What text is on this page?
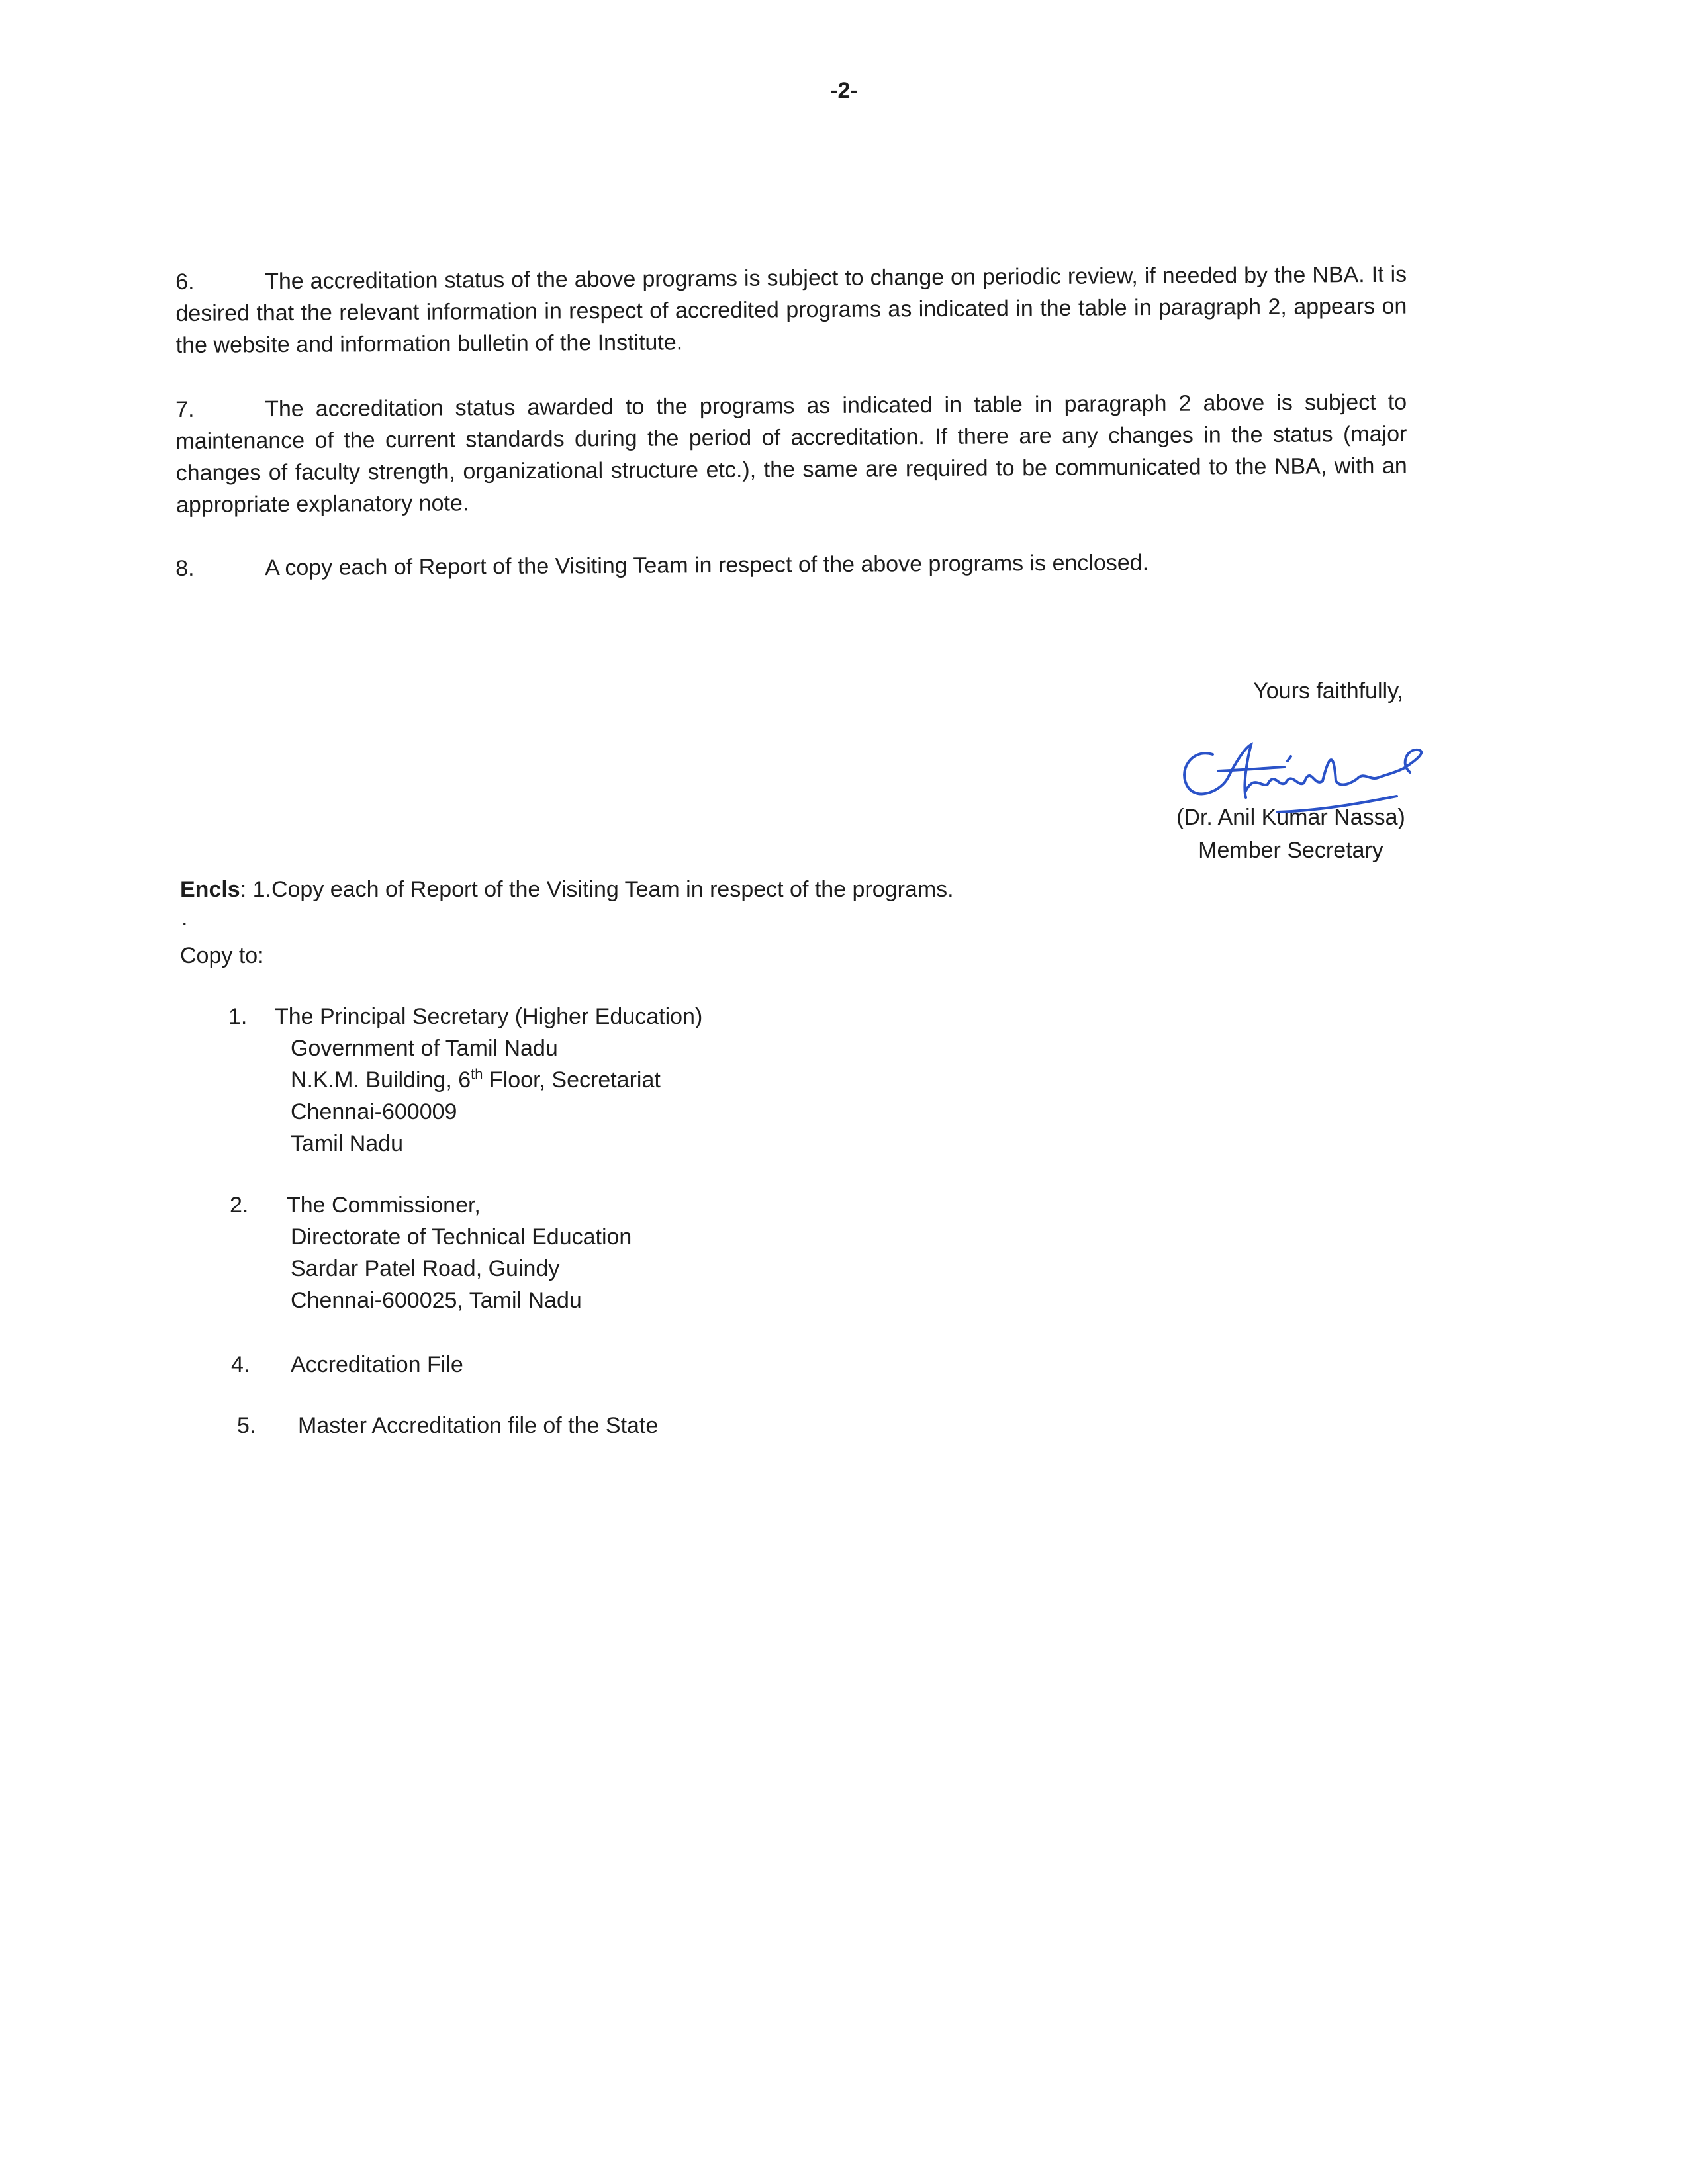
-2-
6.	The accreditation status of the above programs is subject to change on periodic review, if needed by the NBA. It is desired that the relevant information in respect of accredited programs as indicated in the table in paragraph 2, appears on the website and information bulletin of the Institute.
7.	The accreditation status awarded to the programs as indicated in table in paragraph 2 above is subject to maintenance of the current standards during the period of accreditation. If there are any changes in the status (major changes of faculty strength, organizational structure etc.), the same are required to be communicated to the NBA, with an appropriate explanatory note.
8.	A copy each of Report of the Visiting Team in respect of the above programs is enclosed.
Yours faithfully,
(Dr. Anil Kumar Nassa)
Member Secretary
Encls: 1.Copy each of Report of the Visiting Team in respect of the programs.
.
Copy to:
1. The Principal Secretary (Higher Education)
Government of Tamil Nadu
N.K.M. Building, 6th Floor, Secretariat
Chennai-600009
Tamil Nadu
2. The Commissioner,
Directorate of Technical Education
Sardar Patel Road, Guindy
Chennai-600025, Tamil Nadu
4. Accreditation File
5. Master Accreditation file of the State
